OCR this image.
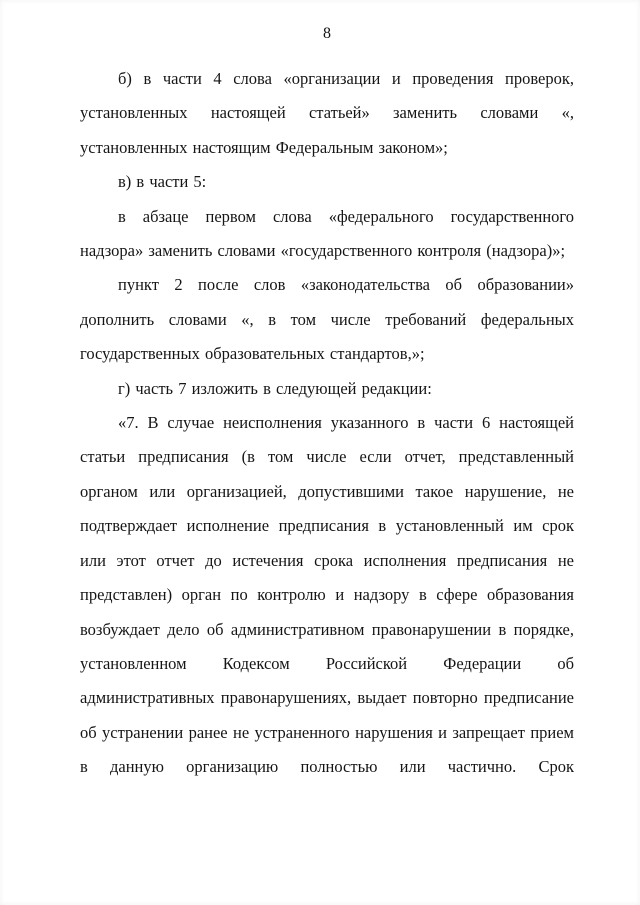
8

б) в части 4 слова «организации и проведения проверок, установленных настоящей статьей» заменить словами «, установленных настоящим Федеральным законом»;

в) в части 5:

в абзаце первом слова «федерального государственного надзора» заменить словами «государственного контроля (надзора)»;

пункт 2 после слов «законодательства об образовании» дополнить словами «, в том числе требований федеральных государственных образовательных стандартов,»;

г) часть 7 изложить в следующей редакции:

«7. В случае неисполнения указанного в части 6 настоящей статьи предписания (в том числе если отчет, представленный органом или организацией, допустившими такое нарушение, не подтверждает исполнение предписания в установленный им срок или этот отчет до истечения срока исполнения предписания не представлен) орган по контролю и надзору в сфере образования возбуждает дело об административном правонарушении в порядке, установленном Кодексом Российской Федерации об административных правонарушениях, выдает повторно предписание об устранении ранее не устраненного нарушения и запрещает прием в данную организацию полностью или частично. Срок
